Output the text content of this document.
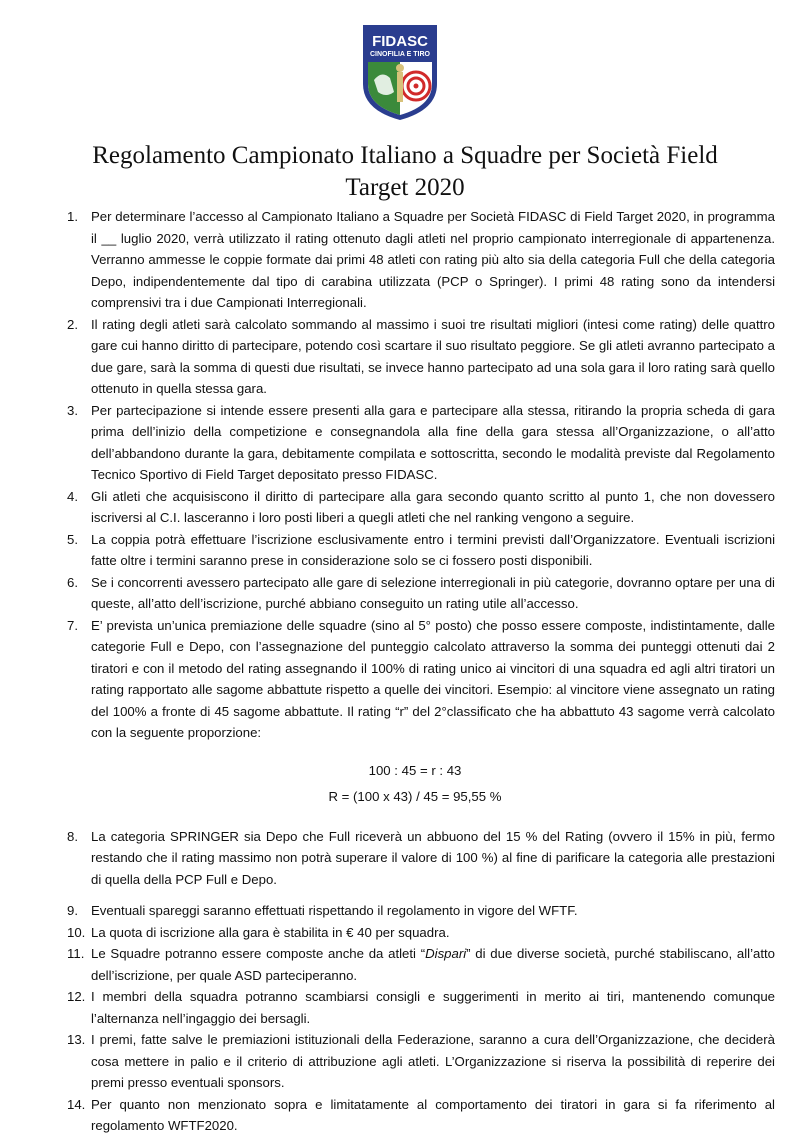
FIDASC
CINOFILIA E TIRO
Regolamento Campionato Italiano a Squadre per Società Field
Target 2020
1. Per determinare l’accesso al Campionato Italiano a Squadre per Società FIDASC di Field Target 2020, in programma il __ luglio 2020, verrà utilizzato il rating ottenuto dagli atleti nel proprio campionato interregionale di appartenenza. Verranno ammesse le coppie formate dai primi 48 atleti con rating più alto sia della categoria Full che della categoria Depo, indipendentemente dal tipo di carabina utilizzata (PCP o Springer). I primi 48 rating sono da intendersi comprensivi tra i due Campionati Interregionali.
2. Il rating degli atleti sarà calcolato sommando al massimo i suoi tre risultati migliori (intesi come rating) delle quattro gare cui hanno diritto di partecipare, potendo così scartare il suo risultato peggiore. Se gli atleti avranno partecipato a due gare, sarà la somma di questi due risultati, se invece hanno partecipato ad una sola gara il loro rating sarà quello ottenuto in quella stessa gara.
3. Per partecipazione si intende essere presenti alla gara e partecipare alla stessa, ritirando la propria scheda di gara prima dell’inizio della competizione e consegnandola alla fine della gara stessa all’Organizzazione, o all’atto dell’abbandono durante la gara, debitamente compilata e sottoscritta, secondo le modalità previste dal Regolamento Tecnico Sportivo di Field Target depositato presso FIDASC.
4. Gli atleti che acquisiscono il diritto di partecipare alla gara secondo quanto scritto al punto 1, che non dovessero iscriversi al C.I. lasceranno i loro posti liberi a quegli atleti che nel ranking vengono a seguire.
5. La coppia potrà effettuare l’iscrizione esclusivamente entro i termini previsti dall’Organizzatore. Eventuali iscrizioni fatte oltre i termini saranno prese in considerazione solo se ci fossero posti disponibili.
6. Se i concorrenti avessero partecipato alle gare di selezione interregionali in più categorie, dovranno optare per una di queste, all’atto dell’iscrizione, purché abbiano conseguito un rating utile all’accesso.
7. E’ prevista un’unica premiazione delle squadre (sino al 5° posto) che posso essere composte, indistintamente, dalle categorie Full e Depo, con l’assegnazione del punteggio calcolato attraverso la somma dei punteggi ottenuti dai 2 tiratori e con il metodo del rating assegnando il 100% di rating unico ai vincitori di una squadra ed agli altri tiratori un rating rapportato alle sagome abbattute rispetto a quelle dei vincitori. Esempio: al vincitore viene assegnato un rating del 100% a fronte di 45 sagome abbattute. Il rating “r” del 2°classificato che ha abbattuto 43 sagome verrà calcolato con la seguente proporzione:
100 : 45 = r : 43
R = (100 x 43) / 45 = 95,55 %
8. La categoria SPRINGER sia Depo che Full riceverà un abbuono del 15 % del Rating (ovvero il 15% in più, fermo restando che il rating massimo non potrà superare il valore di 100 %) al fine di parificare la categoria alle prestazioni di quella della PCP Full e Depo.
9. Eventuali spareggi saranno effettuati rispettando il regolamento in vigore del WFTF.
10. La quota di iscrizione alla gara è stabilita in € 40 per squadra.
11. Le Squadre potranno essere composte anche da atleti “Dispari” di due diverse società, purché stabiliscano, all’atto dell’iscrizione, per quale ASD parteciperanno.
12. I membri della squadra potranno scambiarsi consigli e suggerimenti in merito ai tiri, mantenendo comunque l’alternanza nell’ingaggio dei bersagli.
13. I premi, fatte salve le premiazioni istituzionali della Federazione, saranno a cura dell’Organizzazione, che deciderà cosa mettere in palio e il criterio di attribuzione agli atleti. L’Organizzazione si riserva la possibilità di reperire dei premi presso eventuali sponsors.
14. Per quanto non menzionato sopra e limitatamente al comportamento dei tiratori in gara si fa riferimento al regolamento WFTF2020.
